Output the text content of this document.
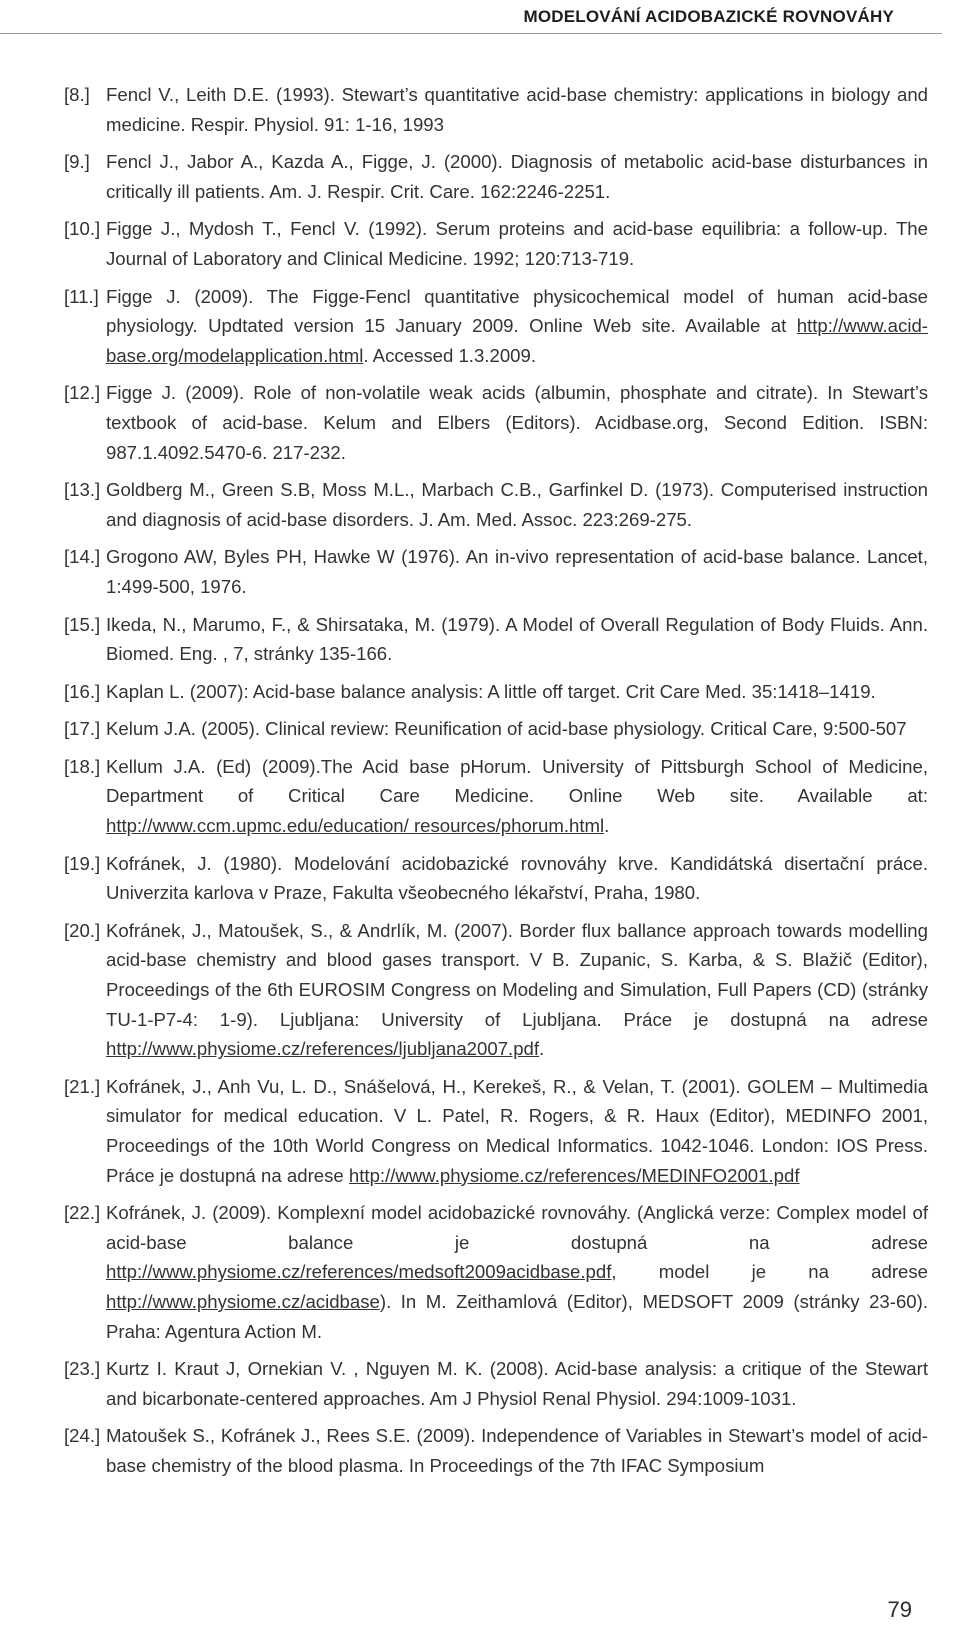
MODELOVÁNÍ ACIDOBAZICKÉ ROVNOVÁHY
[8.] Fencl V., Leith D.E. (1993). Stewart’s quantitative acid-base chemistry: applications in biology and medicine. Respir. Physiol. 91: 1-16, 1993
[9.] Fencl J., Jabor A., Kazda A., Figge, J. (2000). Diagnosis of metabolic acid-base disturbances in critically ill patients. Am. J. Respir. Crit. Care. 162:2246-2251.
[10.] Figge J., Mydosh T., Fencl V. (1992). Serum proteins and acid-base equilibria: a follow-up. The Journal of Laboratory and Clinical Medicine. 1992; 120:713-719.
[11.] Figge J. (2009). The Figge-Fencl quantitative physicochemical model of human acid-base physiology. Updtated version 15 January 2009. Online Web site. Available at http://www.acid-base.org/modelapplication.html. Accessed 1.3.2009.
[12.] Figge J. (2009). Role of non-volatile weak acids (albumin, phosphate and citrate). In Stewart’s textbook of acid-base. Kelum and Elbers (Editors). Acidbase.org, Second Edition. ISBN: 987.1.4092.5470-6. 217-232.
[13.] Goldberg M., Green S.B, Moss M.L., Marbach C.B., Garfinkel D. (1973). Computerised instruction and diagnosis of acid-base disorders. J. Am. Med. Assoc. 223:269-275.
[14.] Grogono AW, Byles PH, Hawke W (1976). An in-vivo representation of acid-base balance. Lancet, 1:499-500, 1976.
[15.] Ikeda, N., Marumo, F., & Shirsataka, M. (1979). A Model of Overall Regulation of Body Fluids. Ann. Biomed. Eng. , 7, stránky 135-166.
[16.] Kaplan L. (2007): Acid-base balance analysis: A little off target. Crit Care Med. 35:1418–1419.
[17.] Kelum J.A. (2005). Clinical review: Reunification of acid-base physiology. Critical Care, 9:500-507
[18.] Kellum J.A. (Ed) (2009).The Acid base pHorum. University of Pittsburgh School of Medicine, Department of Critical Care Medicine. Online Web site. Available at: http://www.ccm.upmc.edu/education/ resources/phorum.html.
[19.] Kofránek, J. (1980). Modelování acidobazické rovnováhy krve. Kandidátská disertační práce. Univerzita karlova v Praze, Fakulta všeobecného lékařství, Praha, 1980.
[20.] Kofránek, J., Matoušek, S., & Andrlík, M. (2007). Border flux ballance approach towards modelling acid-base chemistry and blood gases transport. V B. Zupanic, S. Karba, & S. Blažič (Editor), Proceedings of the 6th EUROSIM Congress on Modeling and Simulation, Full Papers (CD) (stránky TU-1-P7-4: 1-9). Ljubljana: University of Ljubljana. Práce je dostupná na adrese http://www.physiome.cz/references/ljubljana2007.pdf.
[21.] Kofránek, J., Anh Vu, L. D., Snášelová, H., Kerekeš, R., & Velan, T. (2001). GOLEM – Multimedia simulator for medical education. V L. Patel, R. Rogers, & R. Haux (Editor), MEDINFO 2001, Proceedings of the 10th World Congress on Medical Informatics. 1042-1046. London: IOS Press. Práce je dostupná na adrese http://www.physiome.cz/references/MEDINFO2001.pdf
[22.] Kofránek, J. (2009). Komplexní model acidobazické rovnováhy. (Anglická verze: Complex model of acid-base balance je dostupná na adrese http://www.physiome.cz/references/medsoft2009acidbase.pdf, model je na adrese http://www.physiome.cz/acidbase). In M. Zeithamlová (Editor), MEDSOFT 2009 (stránky 23-60). Praha: Agentura Action M.
[23.] Kurtz I. Kraut J, Ornekian V. , Nguyen M. K. (2008). Acid-base analysis: a critique of the Stewart and bicarbonate-centered approaches. Am J Physiol Renal Physiol. 294:1009-1031.
[24.] Matoušek S., Kofránek J., Rees S.E. (2009). Independence of Variables in Stewart’s model of acid-base chemistry of the blood plasma. In Proceedings of the 7th IFAC Symposium
79
